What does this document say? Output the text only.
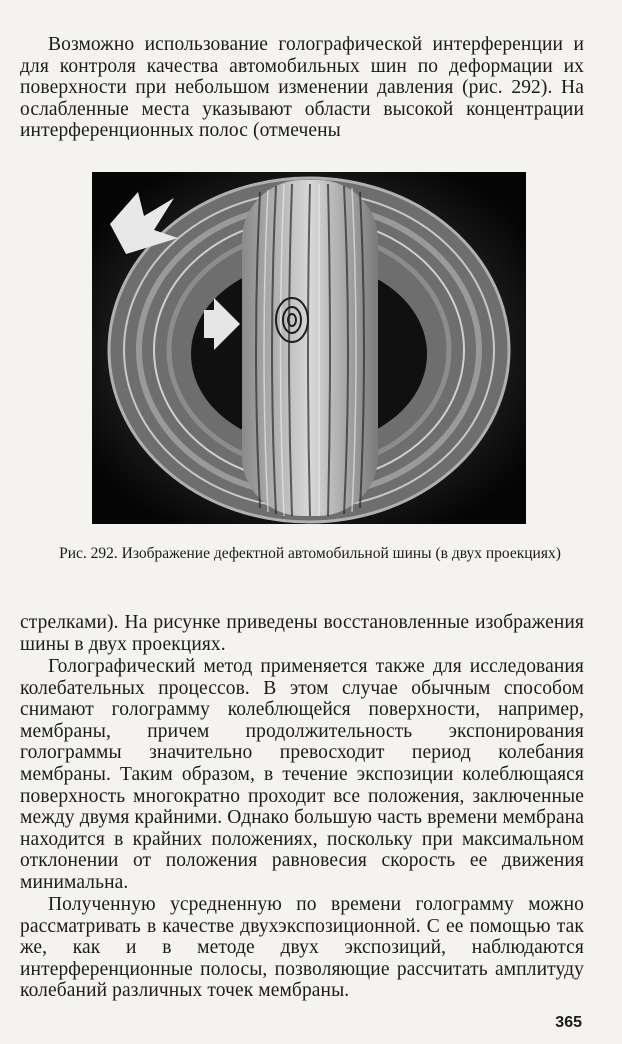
Возможно использование голографической интерференции и для контроля качества автомобильных шин по деформации их поверхности при небольшом изменении давления (рис. 292). На ослабленные места указывают области высокой концентрации интерференционных полос (отмечены

Рис. 292. Изображение дефектной автомобильной шины (в двух проекциях)

стрелками). На рисунке приведены восстановленные изображения шины в двух проекциях.

Голографический метод применяется также для исследования колебательных процессов. В этом случае обычным способом снимают голограмму колеблющейся поверхности, например, мембраны, причем продолжительность экспонирования голограммы значительно превосходит период колебания мембраны. Таким образом, в течение экспозиции колеблющаяся поверхность многократно проходит все положения, заключенные между двумя крайними. Однако большую часть времени мембрана находится в крайних положениях, поскольку при максимальном отклонении от положения равновесия скорость ее движения минимальна.

Полученную усредненную по времени голограмму можно рассматривать в качестве двухэкспозиционной. С ее помощью так же, как и в методе двух экспозиций, наблюдаются интерференционные полосы, позволяющие рассчитать амплитуду колебаний различных точек мембраны.

365
